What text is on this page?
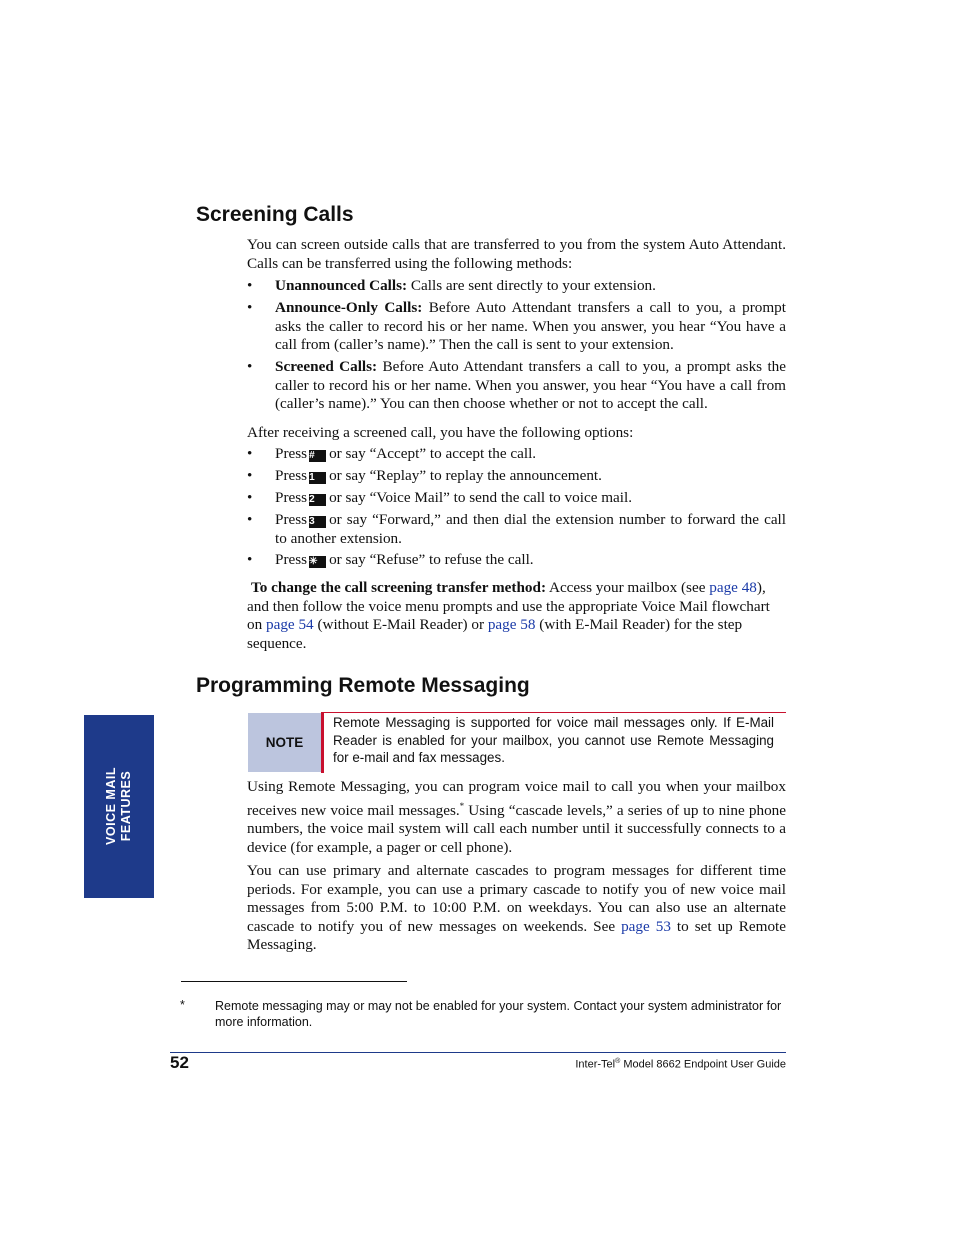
Screening Calls
You can screen outside calls that are transferred to you from the system Auto Attendant. Calls can be transferred using the following methods:
• Unannounced Calls: Calls are sent directly to your extension.
• Announce-Only Calls: Before Auto Attendant transfers a call to you, a prompt asks the caller to record his or her name. When you answer, you hear “You have a call from (caller’s name).” Then the call is sent to your extension.
• Screened Calls: Before Auto Attendant transfers a call to you, a prompt asks the caller to record his or her name. When you answer, you hear “You have a call from (caller’s name).” You can then choose whether or not to accept the call.
After receiving a screened call, you have the following options:
• Press # or say “Accept” to accept the call.
• Press 1 or say “Replay” to replay the announcement.
• Press 2 or say “Voice Mail” to send the call to voice mail.
• Press 3 or say “Forward,” and then dial the extension number to forward the call to another extension.
• Press ✳ or say “Refuse” to refuse the call.
To change the call screening transfer method: Access your mailbox (see page 48), and then follow the voice menu prompts and use the appropriate Voice Mail flowchart on page 54 (without E-Mail Reader) or page 58 (with E-Mail Reader) for the step sequence.
Programming Remote Messaging
VOICE MAIL
FEATURES
NOTE
Remote Messaging is supported for voice mail messages only. If E-Mail Reader is enabled for your mailbox, you cannot use Remote Messaging for e-mail and fax messages.
Using Remote Messaging, you can program voice mail to call you when your mailbox receives new voice mail messages.* Using “cascade levels,” a series of up to nine phone numbers, the voice mail system will call each number until it successfully connects to a device (for example, a pager or cell phone).
You can use primary and alternate cascades to program messages for different time periods. For example, you can use a primary cascade to notify you of new voice mail messages from 5:00 P.M. to 10:00 P.M. on weekdays. You can also use an alternate cascade to notify you of new messages on weekends. See page 53 to set up Remote Messaging.
* Remote messaging may or may not be enabled for your system. Contact your system administrator for more information.
52	Inter-Tel® Model 8662 Endpoint User Guide
